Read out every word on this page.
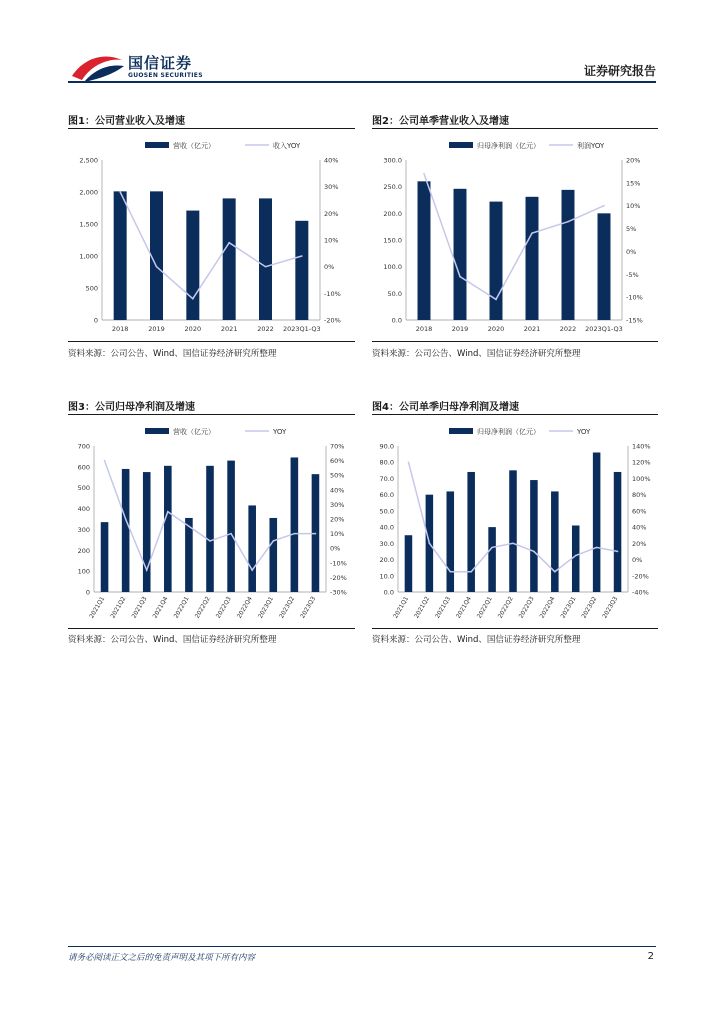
国信证券
GUOSEN SECURITIES	证券研究报告
图1：公司营业收入及增速
营收（亿元）	收入YOY
0
500
1,000
1,500
2,000
2,500
-20%
-10%
0%
10%
20%
30%
40%
2018	2019	2020	2021	2022 2023Q1-Q3
资料来源：公司公告、Wind、国信证券经济研究所整理
图2：公司单季营业收入及增速
归母净利润（亿元）	利润YOY
0.0
50.0
100.0
150.0
200.0
250.0
300.0
-15%
-10%
-5%
0%
5%
10%
15%
20%
2018	2019	2020	2021	2022 2023Q1-Q3
资料来源：公司公告、Wind、国信证券经济研究所整理
图3：公司归母净利润及增速
营收（亿元）	YOY
0
100
200
300
400
500
600
700
-30%
-20%
-10%
0%
10%
20%
30%
40%
50%
60%
70%
2021Q1 2021Q2 2021Q3 2021Q4 2022Q1 2022Q2 2022Q3 2022Q4 2023Q1 2023Q2 2023Q3
资料来源：公司公告、Wind、国信证券经济研究所整理
图4：公司单季归母净利润及增速
归母净利润（亿元）	YOY
0.0
10.0
20.0
30.0
40.0
50.0
60.0
70.0
80.0
90.0
-40%
-20%
0%
20%
40%
60%
80%
100%
120%
140%
2021Q1 2021Q2 2021Q3 2021Q4 2022Q1 2022Q2 2022Q3 2022Q4 2023Q1 2023Q2 2023Q3
资料来源：公司公告、Wind、国信证券经济研究所整理
请务必阅读正文之后的免责声明及其项下所有内容	2
